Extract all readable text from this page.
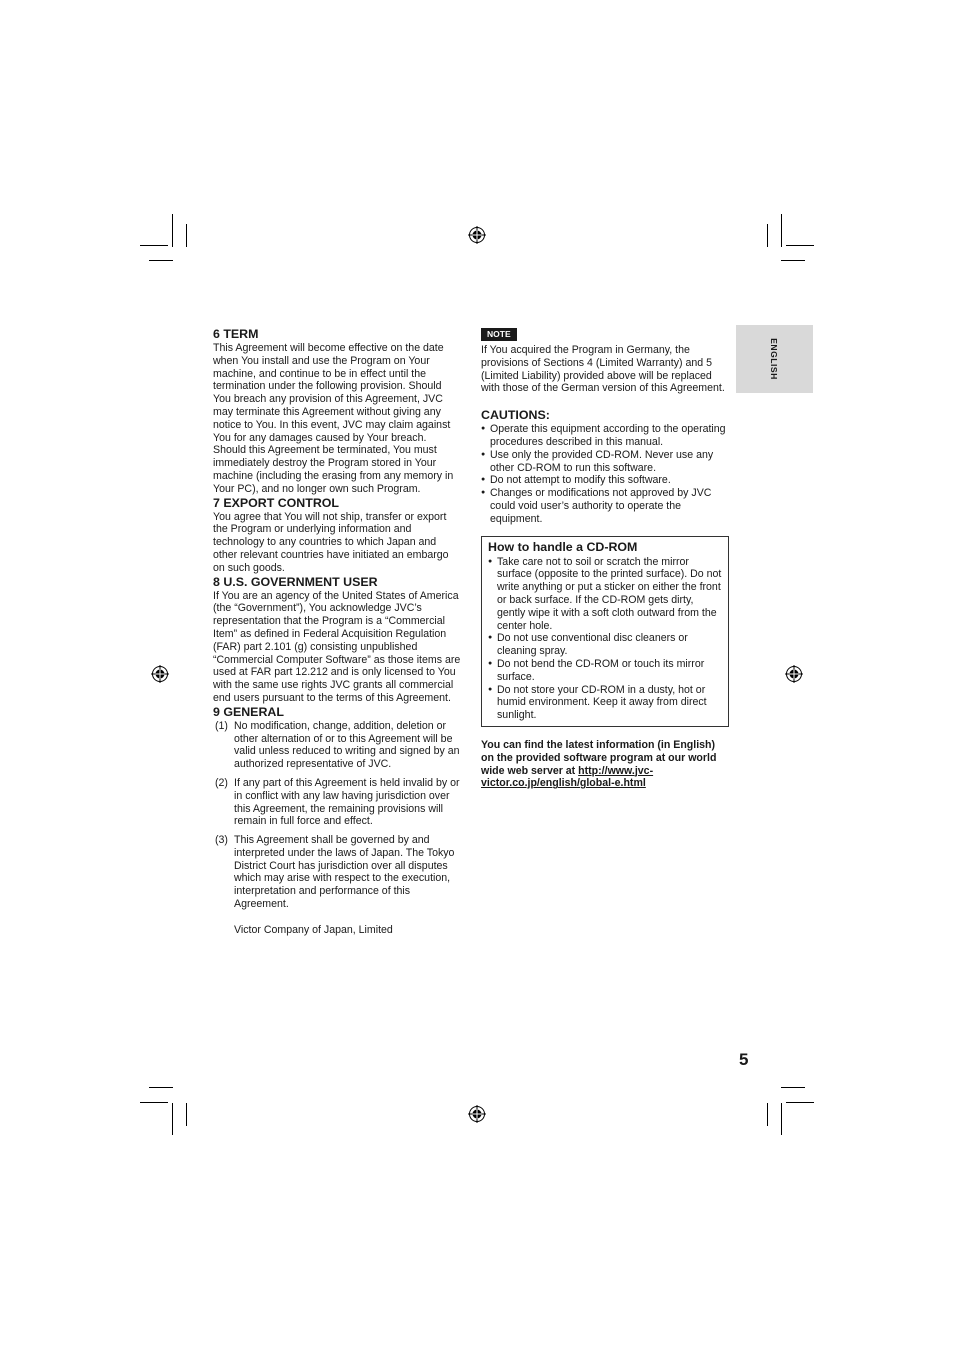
6 TERM

This Agreement will become effective on the date when You install and use the Program on Your machine, and continue to be in effect until the termination under the following provision. Should You breach any provision of this Agreement, JVC may terminate this Agreement without giving any notice to You. In this event, JVC may claim against You for any damages caused by Your breach. Should this Agreement be terminated, You must immediately destroy the Program stored in Your machine (including the erasing from any memory in Your PC), and no longer own such Program.

7 EXPORT CONTROL

You agree that You will not ship, transfer or export the Program or underlying information and technology to any countries to which Japan and other relevant countries have initiated an embargo on such goods.

8 U.S. GOVERNMENT USER

If You are an agency of the United States of America (the “Government”), You acknowledge JVC’s representation that the Program is a “Commercial Item” as defined in Federal Acquisition Regulation (FAR) part 2.101 (g) consisting unpublished “Commercial Computer Software” as those items are used at FAR part 12.212 and is only licensed to You with the same use rights JVC grants all commercial end users pursuant to the terms of this Agreement.

9 GENERAL
(1) No modification, change, addition, deletion or other alternation of or to this Agreement will be valid unless reduced to writing and signed by an authorized representative of JVC.
(2) If any part of this Agreement is held invalid by or in conflict with any law having jurisdiction over this Agreement, the remaining provisions will remain in full force and effect.
(3) This Agreement shall be governed by and interpreted under the laws of Japan. The Tokyo District Court has jurisdiction over all disputes which may arise with respect to the execution, interpretation and performance of this Agreement.

Victor Company of Japan, Limited

NOTE

If You acquired the Program in Germany, the provisions of Sections 4 (Limited Warranty) and 5 (Limited Liability) provided above will be replaced with those of the German version of this Agreement.

CAUTIONS:
● Operate this equipment according to the operating procedures described in this manual.
● Use only the provided CD-ROM. Never use any other CD-ROM to run this software.
● Do not attempt to modify this software.
● Changes or modifications not approved by JVC could void user’s authority to operate the equipment.
How to handle a CD-ROM
● Take care not to soil or scratch the mirror surface (opposite to the printed surface). Do not write anything or put a sticker on either the front or back surface. If the CD-ROM gets dirty, gently wipe it with a soft cloth outward from the center hole.
● Do not use conventional disc cleaners or cleaning spray.
● Do not bend the CD-ROM or touch its mirror surface.
● Do not store your CD-ROM in a dusty, hot or humid environment. Keep it away from direct sunlight.
You can find the latest information (in English) on the provided software program at our world wide web server at http://www.jvc-victor.co.jp/english/global-e.html
ENGLISH
5
